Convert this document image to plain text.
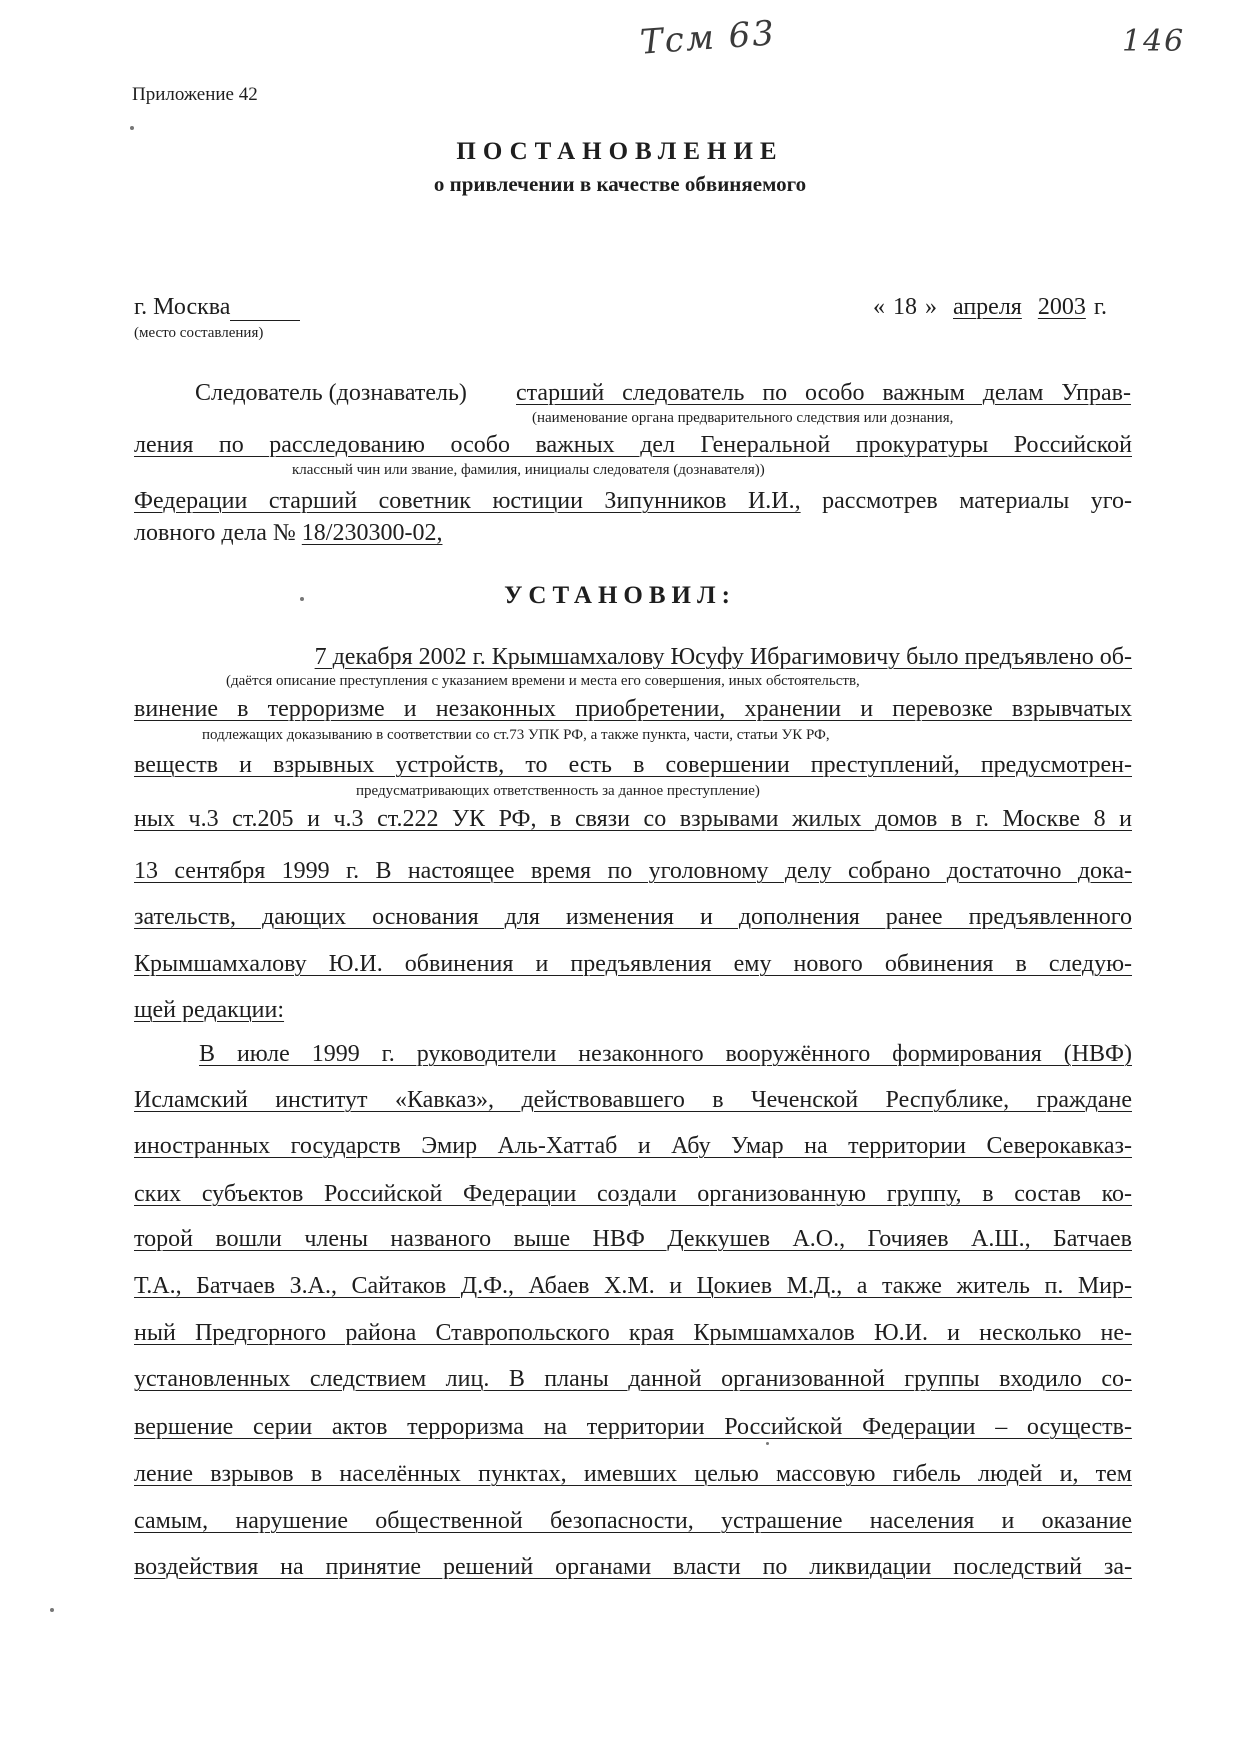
Тсм 63	146
Приложение 42
ПОСТАНОВЛЕНИЕ
о привлечении в качестве обвиняемого
г. Москва
(место составления)
« 18 » апреля 2003 г.
Следователь (дознаватель) старший следователь по особо важным делам Управ-
(наименование органа предварительного следствия или дознания,
ления по расследованию особо важных дел Генеральной прокуратуры Российской
классный чин или звание, фамилия, инициалы следователя (дознавателя))
Федерации старший советник юстиции Зипунников И.И., рассмотрев материалы уго-
ловного дела № 18/230300-02,
УСТАНОВИЛ:
7 декабря 2002 г. Крымшамхалову Юсуфу Ибрагимовичу было предъявлено об-
(даётся описание преступления с указанием времени и места его совершения, иных обстоятельств,
винение в терроризме и незаконных приобретении, хранении и перевозке взрывчатых
подлежащих доказыванию в соответствии со ст.73 УПК РФ, а также пункта, части, статьи УК РФ,
веществ и взрывных устройств, то есть в совершении преступлений, предусмотрен-
предусматривающих ответственность за данное преступление)
ных ч.3 ст.205 и ч.3 ст.222 УК РФ, в связи со взрывами жилых домов в г. Москве 8 и
13 сентября 1999 г. В настоящее время по уголовному делу собрано достаточно дока-
зательств, дающих основания для изменения и дополнения ранее предъявленного
Крымшамхалову Ю.И. обвинения и предъявления ему нового обвинения в следую-
щей редакции:
В июле 1999 г. руководители незаконного вооружённого формирования (НВФ)
Исламский институт «Кавказ», действовавшего в Чеченской Республике, граждане
иностранных государств Эмир Аль-Хаттаб и Абу Умар на территории Северокавказ-
ских субъектов Российской Федерации создали организованную группу, в состав ко-
торой вошли члены названого выше НВФ Деккушев А.О., Гочияев А.Ш., Батчаев
Т.А., Батчаев З.А., Сайтаков Д.Ф., Абаев Х.М. и Цокиев М.Д., а также житель п. Мир-
ный Предгорного района Ставропольского края Крымшамхалов Ю.И. и несколько не-
установленных следствием лиц. В планы данной организованной группы входило со-
вершение серии актов терроризма на территории Российской Федерации – осуществ-
ление взрывов в населённых пунктах, имевших целью массовую гибель людей и, тем
самым, нарушение общественной безопасности, устрашение населения и оказание
воздействия на принятие решений органами власти по ликвидации последствий за-
